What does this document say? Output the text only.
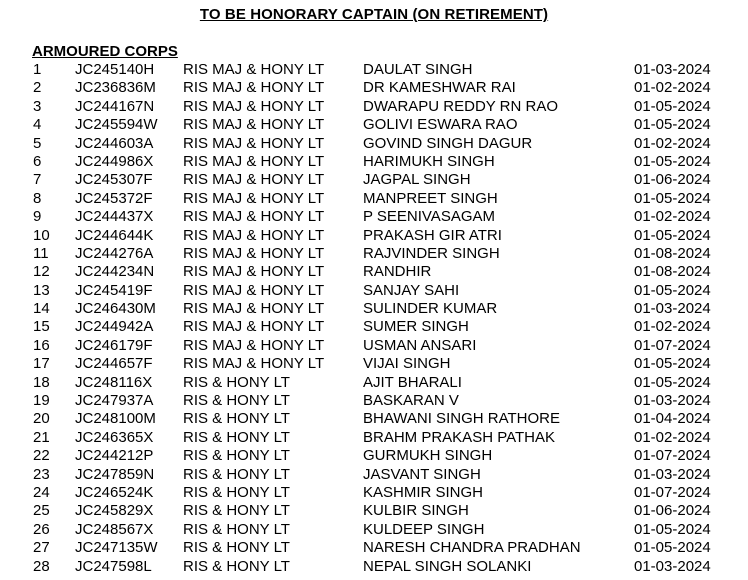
TO BE HONORARY CAPTAIN (ON RETIREMENT)
ARMOURED CORPS
1 JC245140H RIS MAJ & HONY LT	DAULAT SINGH	01-03-2024
2 JC236836M RIS MAJ & HONY LT	DR KAMESHWAR RAI	01-02-2024
3 JC244167N RIS MAJ & HONY LT	DWARAPU REDDY RN RAO	01-05-2024
4 JC245594W RIS MAJ & HONY LT	GOLIVI ESWARA RAO	01-05-2024
5 JC244603A RIS MAJ & HONY LT	GOVIND SINGH DAGUR	01-02-2024
6 JC244986X RIS MAJ & HONY LT	HARIMUKH SINGH	01-05-2024
7 JC245307F RIS MAJ & HONY LT	JAGPAL SINGH	01-06-2024
8 JC245372F RIS MAJ & HONY LT	MANPREET SINGH	01-05-2024
9 JC244437X RIS MAJ & HONY LT	P SEENIVASAGAM	01-02-2024
10 JC244644K RIS MAJ & HONY LT	PRAKASH GIR ATRI	01-05-2024
11 JC244276A RIS MAJ & HONY LT	RAJVINDER SINGH	01-08-2024
12 JC244234N RIS MAJ & HONY LT	RANDHIR	01-08-2024
13 JC245419F RIS MAJ & HONY LT	SANJAY SAHI	01-05-2024
14 JC246430M RIS MAJ & HONY LT	SULINDER KUMAR	01-03-2024
15 JC244942A RIS MAJ & HONY LT	SUMER SINGH	01-02-2024
16 JC246179F RIS MAJ & HONY LT	USMAN ANSARI	01-07-2024
17 JC244657F RIS MAJ & HONY LT	VIJAI SINGH	01-05-2024
18 JC248116X RIS & HONY LT	AJIT BHARALI	01-05-2024
19 JC247937A RIS & HONY LT	BASKARAN V	01-03-2024
20 JC248100M RIS & HONY LT	BHAWANI SINGH RATHORE	01-04-2024
21 JC246365X RIS & HONY LT	BRAHM PRAKASH PATHAK	01-02-2024
22 JC244212P RIS & HONY LT	GURMUKH SINGH	01-07-2024
23 JC247859N RIS & HONY LT	JASVANT SINGH	01-03-2024
24 JC246524K RIS & HONY LT	KASHMIR SINGH	01-07-2024
25 JC245829X RIS & HONY LT	KULBIR SINGH	01-06-2024
26 JC248567X RIS & HONY LT	KULDEEP SINGH	01-05-2024
27 JC247135W RIS & HONY LT	NARESH CHANDRA PRADHAN	01-05-2024
28 JC247598L RIS & HONY LT	NEPAL SINGH SOLANKI	01-03-2024
